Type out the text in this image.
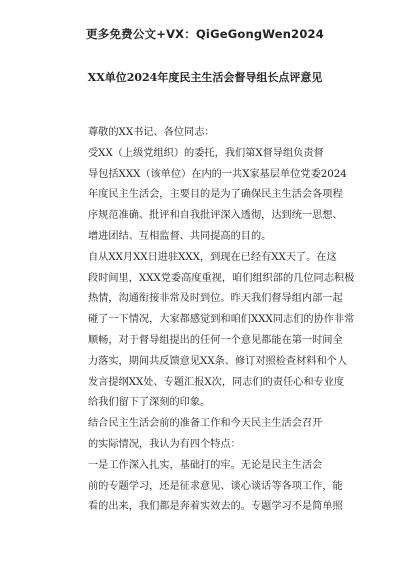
更多免费公文+VX：QiGeGongWen2024
XX单位2024年度民主生活会督导组长点评意见
尊敬的XX书记、各位同志：
受XX（上级党组织）的委托，我们第X督导组负责督
导包括XXX（该单位）在内的一共X家基层单位党委2024
年度民主生活会，主要目的是为了确保民主生活会各项程
序规范准确、批评和自我批评深入透彻，达到统一思想、
增进团结、互相监督、共同提高的目的。
自从XX月XX日进驻XXX，到现在已经有XX天了。在这
段时间里，XXX党委高度重视，咱们组织部的几位同志积极
热情，沟通衔接非常及时到位。昨天我们督导组内部一起
碰了一下情况，大家都感觉到和咱们XXX同志们的协作非常
顺畅，对于督导组提出的任何一个意见都能在第一时间全
力落实，期间共反馈意见XX条、修订对照检查材料和个人
发言提纲XX处、专题汇报X次，同志们的责任心和专业度
给我们留下了深刻的印象。
结合民主生活会前的准备工作和今天民主生活会召开
的实际情况，我认为有四个特点：
一是工作深入扎实，基础打的牢。无论是民主生活会
前的专题学习，还是征求意见、谈心谈话等各项工作，能
看的出来，我们都是奔着实效去的。专题学习不是简单照
